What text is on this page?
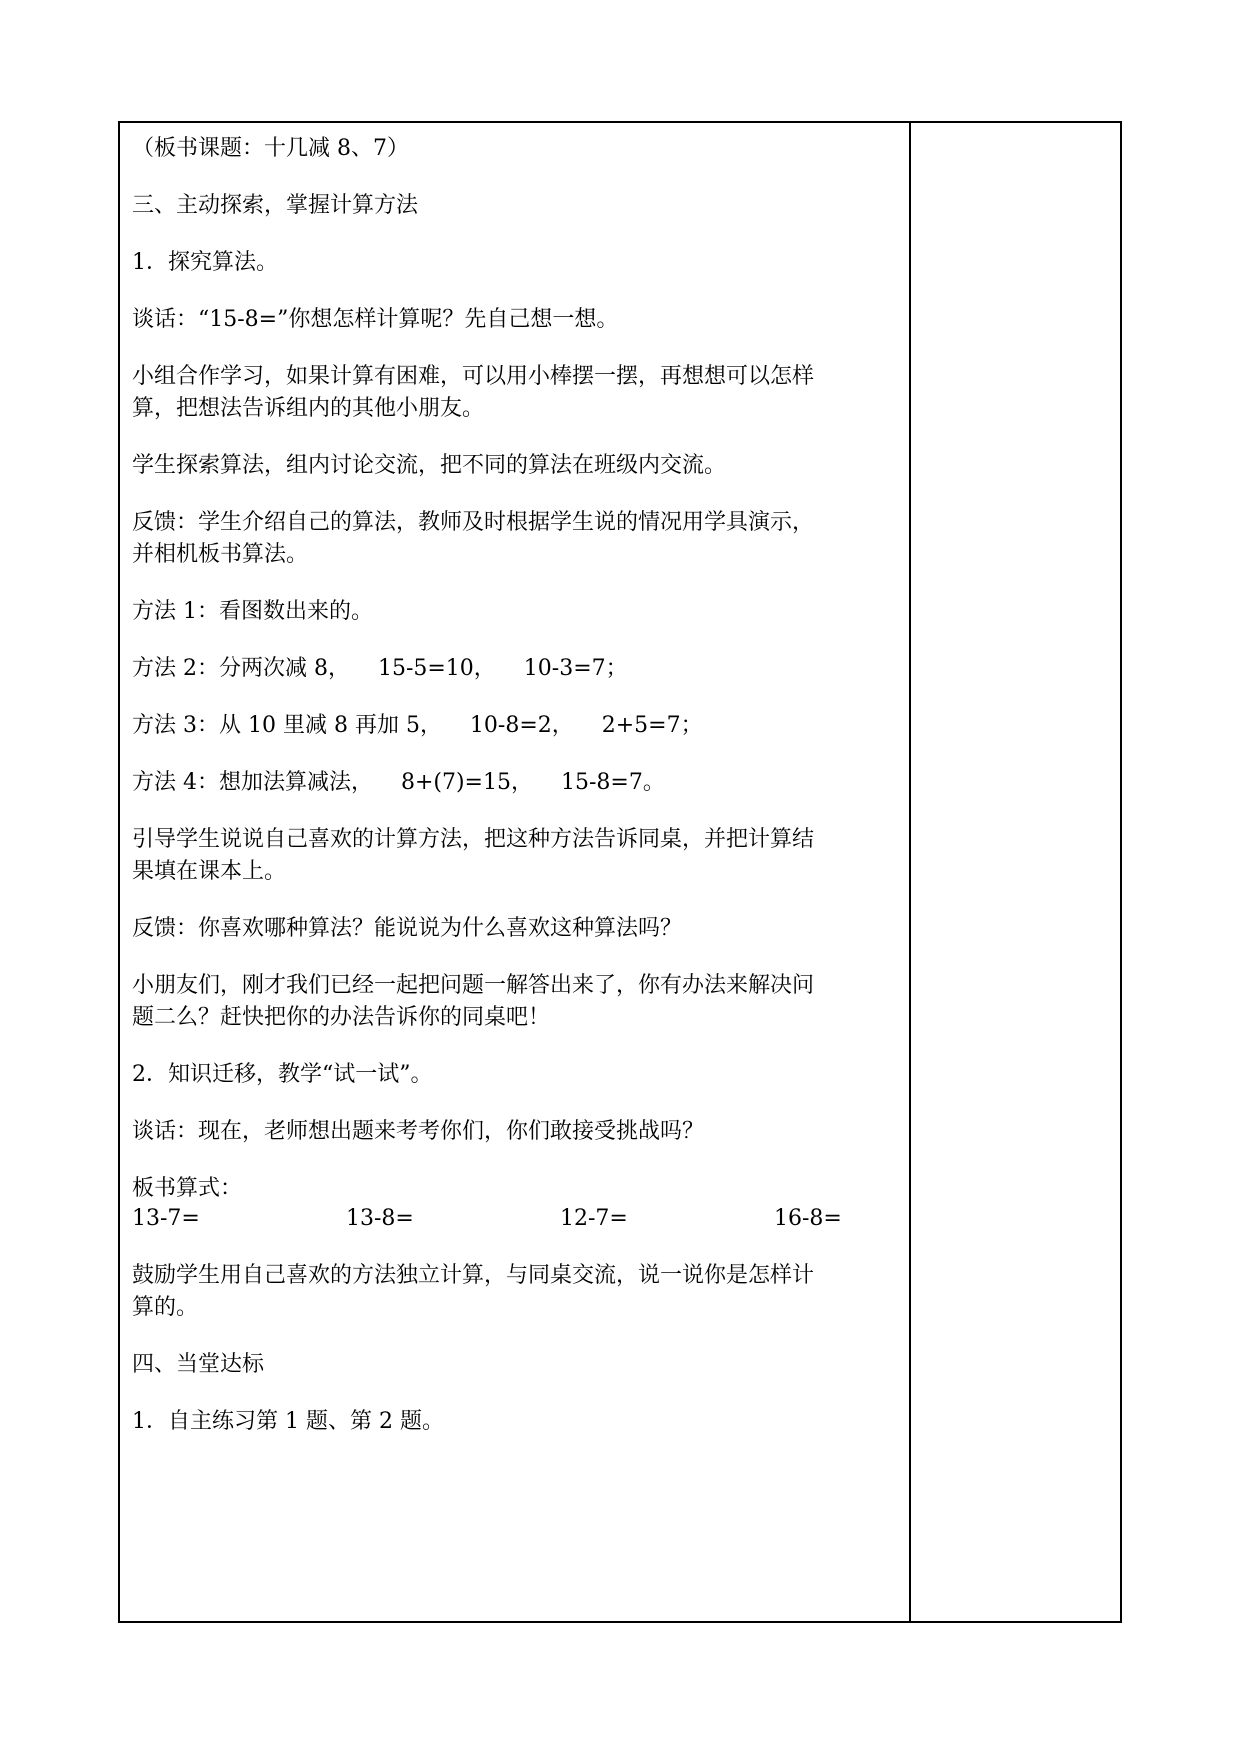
（板书课题：十几减 8、7）
三、主动探索，掌握计算方法
1．探究算法。
谈话：“15-8=”你想怎样计算呢？先自己想一想。
小组合作学习，如果计算有困难，可以用小棒摆一摆，再想想可以怎样
算，把想法告诉组内的其他小朋友。
学生探索算法，组内讨论交流，把不同的算法在班级内交流。
反馈：学生介绍自己的算法，教师及时根据学生说的情况用学具演示，
并相机板书算法。
方法 1：看图数出来的。
方法 2：分两次减 8，    15-5=10，    10-3=7；
方法 3：从 10 里减 8 再加 5，    10-8=2，    2+5=7；
方法 4：想加法算减法，    8+(7)=15，    15-8=7。
引导学生说说自己喜欢的计算方法，把这种方法告诉同桌，并把计算结
果填在课本上。
反馈：你喜欢哪种算法？能说说为什么喜欢这种算法吗？
小朋友们，刚才我们已经一起把问题一解答出来了，你有办法来解决问
题二么？赶快把你的办法告诉你的同桌吧！
2．知识迁移，教学“试一试”。
谈话：现在，老师想出题来考考你们，你们敢接受挑战吗？
板书算式：
13-7=	13-8=	12-7=	16-8=
鼓励学生用自己喜欢的方法独立计算，与同桌交流，说一说你是怎样计
算的。
四、当堂达标
1．自主练习第 1 题、第 2 题。
